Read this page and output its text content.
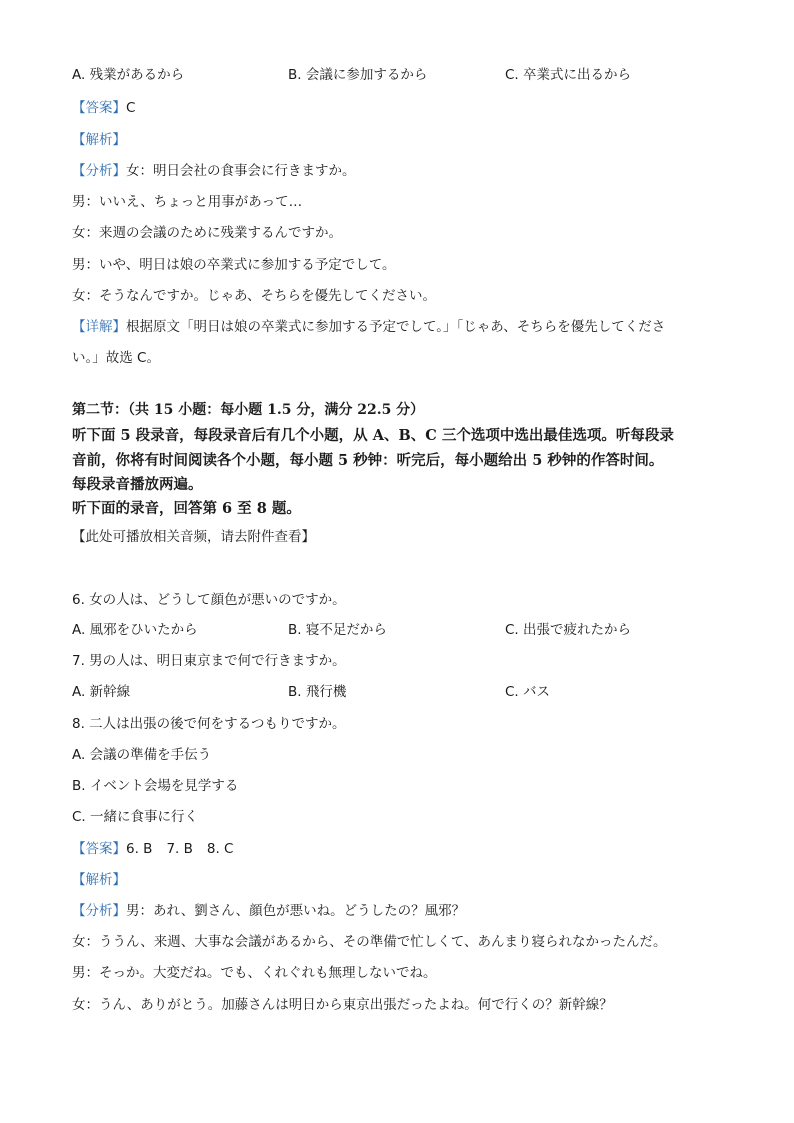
A. 残業があるから	B. 会議に参加するから	C. 卒業式に出るから
【答案】C
【解析】
【分析】女：明日会社の食事会に行きますか。
男：いいえ、ちょっと用事があって…
女：来週の会議のために残業するんですか。
男：いや、明日は娘の卒業式に参加する予定でして。
女：そうなんですか。じゃあ、そちらを優先してください。
【详解】根据原文「明日は娘の卒業式に参加する予定でして。」「じゃあ、そちらを優先してくださ
い。」故选 C。
第二节：（共 15 小题：每小题 1.5 分，满分 22.5 分）
听下面 5 段录音，每段录音后有几个小题，从 A、B、C 三个选项中选出最佳选项。听每段录
音前，你将有时间阅读各个小题，每小题 5 秒钟：听完后，每小题给出 5 秒钟的作答时间。
每段录音播放两遍。
听下面的录音，回答第 6 至 8 题。
【此处可播放相关音频，请去附件查看】
6. 女の人は、どうして顔色が悪いのですか。
A. 風邪をひいたから	B. 寝不足だから	C. 出張で疲れたから
7. 男の人は、明日東京まで何で行きますか。
A. 新幹線	B. 飛行機	C. バス
8. 二人は出張の後で何をするつもりですか。
A. 会議の準備を手伝う
B. イベント会場を見学する
C. 一緒に食事に行く
【答案】6. B 7. B 8. C
【解析】
【分析】男：あれ、劉さん、顔色が悪いね。どうしたの？風邪？
女：ううん、来週、大事な会議があるから、その準備で忙しくて、あんまり寝られなかったんだ。
男：そっか。大変だね。でも、くれぐれも無理しないでね。
女：うん、ありがとう。加藤さんは明日から東京出張だったよね。何で行くの？新幹線？
